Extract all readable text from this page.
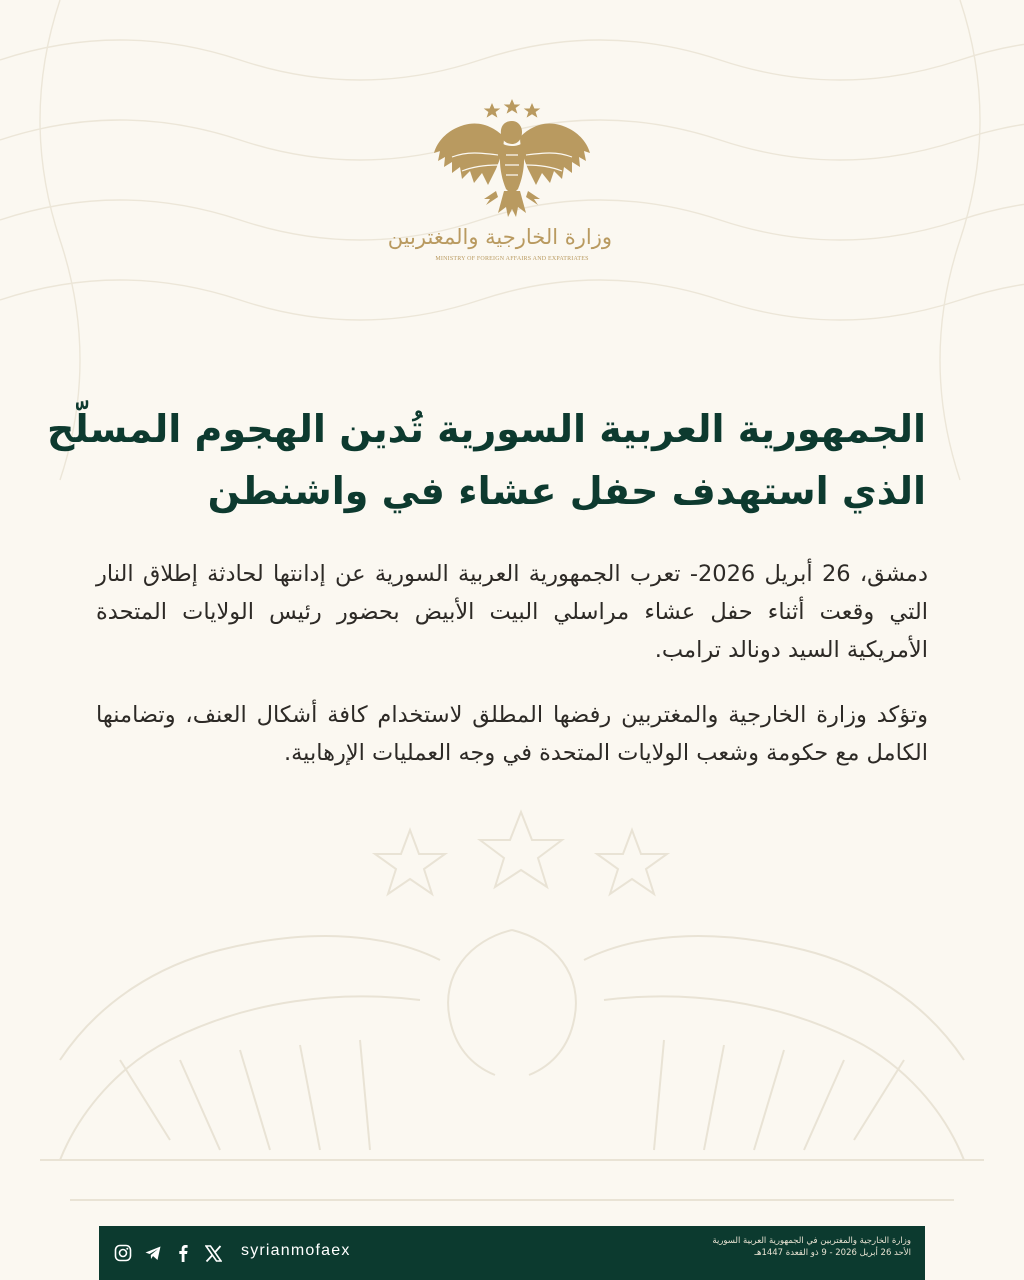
وزارة الخارجية والمغتربين
MINISTRY OF FOREIGN AFFAIRS AND EXPATRIATES
الجمهورية العربية السورية تُدين الهجوم المسلّح
الذي استهدف حفل عشاء في واشنطن

دمشق، 26 أبريل 2026- تعرب الجمهورية العربية السورية عن إدانتها لحادثة إطلاق النار التي وقعت أثناء حفل عشاء مراسلي البيت الأبيض بحضور رئيس الولايات المتحدة الأمريكية السيد دونالد ترامب.

وتؤكد وزارة الخارجية والمغتربين رفضها المطلق لاستخدام كافة أشكال العنف، وتضامنها الكامل مع حكومة وشعب الولايات المتحدة في وجه العمليات الإرهابية.

syrianmofaex
وزارة الخارجية والمغتربين في الجمهورية العربية السورية
الأحد 26 أبريل 2026 - 9 ذو القعدة 1447هـ
